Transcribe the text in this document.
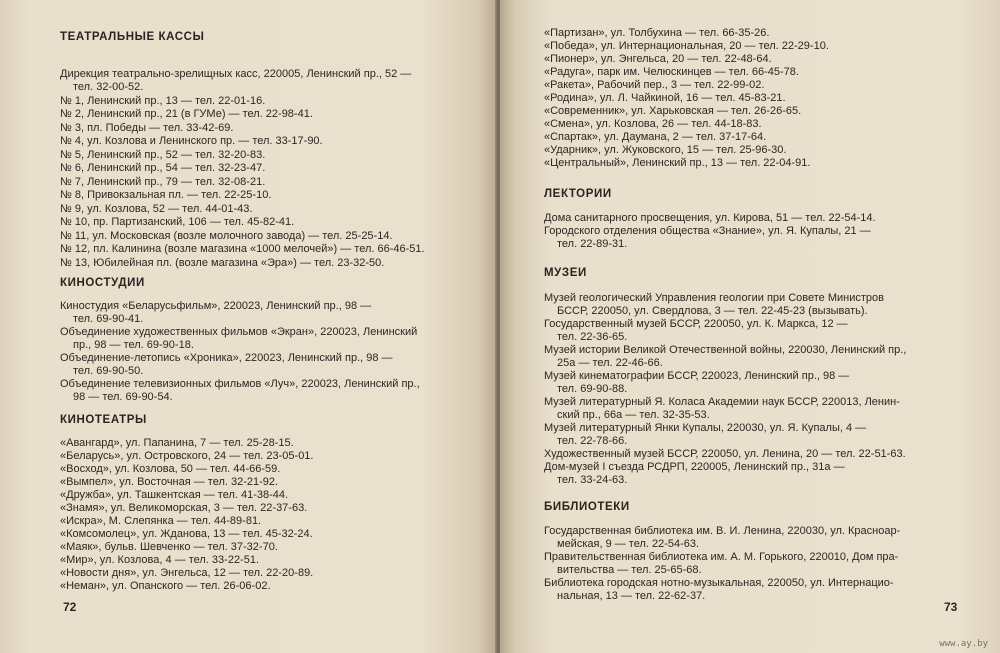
ТЕАТРАЛЬНЫЕ КАССЫ
Дирекция театрально-зрелищных касс, 220005, Ленинский пр., 52 —
тел. 32-00-52.
№ 1, Ленинский пр., 13 — тел. 22-01-16.
№ 2, Ленинский пр., 21 (в ГУМе) — тел. 22-98-41.
№ 3, пл. Победы — тел. 33-42-69.
№ 4, ул. Козлова и Ленинского пр. — тел. 33-17-90.
№ 5, Ленинский пр., 52 — тел. 32-20-83.
№ 6, Ленинский пр., 54 — тел. 32-23-47.
№ 7, Ленинский пр., 79 — тел. 32-08-21.
№ 8, Привокзальная пл. — тел. 22-25-10.
№ 9, ул. Козлова, 52 — тел. 44-01-43.
№ 10, пр. Партизанский, 106 — тел. 45-82-41.
№ 11, ул. Московская (возле молочного завода) — тел. 25-25-14.
№ 12, пл. Калинина (возле магазина «1000 мелочей») — тел. 66-46-51.
№ 13, Юбилейная пл. (возле магазина «Эра») — тел. 23-32-50.
КИНОСТУДИИ
Киностудия «Беларусьфильм», 220023, Ленинский пр., 98 —
тел. 69-90-41.
Объединение художественных фильмов «Экран», 220023, Ленинский
пр., 98 — тел. 69-90-18.
Объединение-летопись «Хроника», 220023, Ленинский пр., 98 —
тел. 69-90-50.
Объединение телевизионных фильмов «Луч», 220023, Ленинский пр.,
98 — тел. 69-90-54.
КИНОТЕАТРЫ
«Авангард», ул. Папанина, 7 — тел. 25-28-15.
«Беларусь», ул. Островского, 24 — тел. 23-05-01.
«Восход», ул. Козлова, 50 — тел. 44-66-59.
«Вымпел», ул. Восточная — тел. 32-21-92.
«Дружба», ул. Ташкентская — тел. 41-38-44.
«Знамя», ул. Великоморская, 3 — тел. 22-37-63.
«Искра», М. Слепянка — тел. 44-89-81.
«Комсомолец», ул. Жданова, 13 — тел. 45-32-24.
«Маяк», бульв. Шевченко — тел. 37-32-70.
«Мир», ул. Козлова, 4 — тел. 33-22-51.
«Новости дня», ул. Энгельса, 12 — тел. 22-20-89.
«Неман», ул. Опанского — тел. 26-06-02.
72
«Партизан», ул. Толбухина — тел. 66-35-26.
«Победа», ул. Интернациональная, 20 — тел. 22-29-10.
«Пионер», ул. Энгельса, 20 — тел. 22-48-64.
«Радуга», парк им. Челюскинцев — тел. 66-45-78.
«Ракета», Рабочий пер., 3 — тел. 22-99-02.
«Родина», ул. Л. Чайкиной, 16 — тел. 45-83-21.
«Современник», ул. Харьковская — тел. 26-26-65.
«Смена», ул. Козлова, 26 — тел. 44-18-83.
«Спартак», ул. Даумана, 2 — тел. 37-17-64.
«Ударник», ул. Жуковского, 15 — тел. 25-96-30.
«Центральный», Ленинский пр., 13 — тел. 22-04-91.
ЛЕКТОРИИ
Дома санитарного просвещения, ул. Кирова, 51 — тел. 22-54-14.
Городского отделения общества «Знание», ул. Я. Купалы, 21 —
тел. 22-89-31.
МУЗЕИ
Музей геологический Управления геологии при Совете Министров
БССР, 220050, ул. Свердлова, 3 — тел. 22-45-23 (вызывать).
Государственный музей БССР, 220050, ул. К. Маркса, 12 —
тел. 22-36-65.
Музей истории Великой Отечественной войны, 220030, Ленинский пр.,
25а — тел. 22-46-66.
Музей кинематографии БССР, 220023, Ленинский пр., 98 —
тел. 69-90-88.
Музей литературный Я. Коласа Академии наук БССР, 220013, Ленин-
ский пр., 66а — тел. 32-35-53.
Музей литературный Янки Купалы, 220030, ул. Я. Купалы, 4 —
тел. 22-78-66.
Художественный музей БССР, 220050, ул. Ленина, 20 — тел. 22-51-63.
Дом-музей I съезда РСДРП, 220005, Ленинский пр., 31а —
тел. 33-24-63.
БИБЛИОТЕКИ
Государственная библиотека им. В. И. Ленина, 220030, ул. Красноар-
мейская, 9 — тел. 22-54-63.
Правительственная библиотека им. А. М. Горького, 220010, Дом пра-
вительства — тел. 25-65-68.
Библиотека городская нотно-музыкальная, 220050, ул. Интернацио-
нальная, 13 — тел. 22-62-37.
73
www.ay.by
